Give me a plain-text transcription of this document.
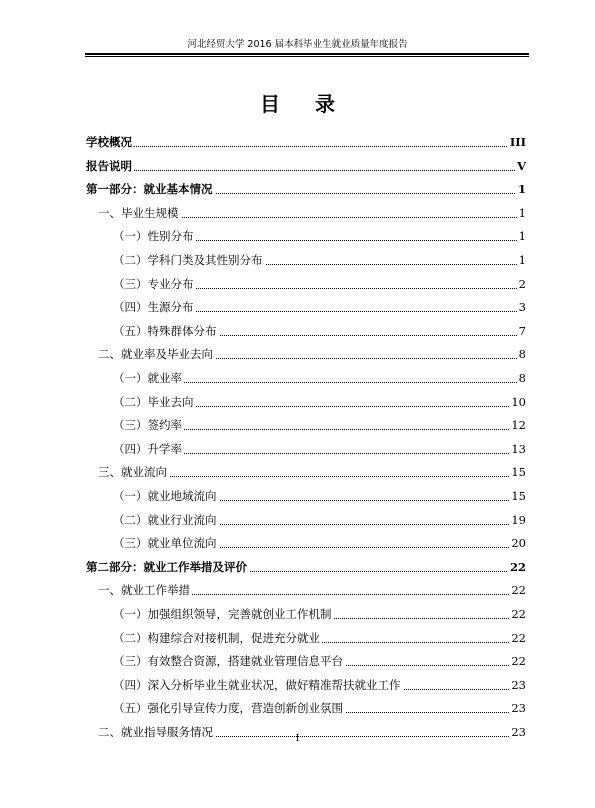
河北经贸大学 2016 届本科毕业生就业质量年度报告
目 录
学校概况	III
报告说明	V
第一部分：就业基本情况	1
一、毕业生规模	1
（一）性别分布	1
（二）学科门类及其性别分布	1
（三）专业分布	2
（四）生源分布	3
（五）特殊群体分布	7
二、就业率及毕业去向	8
（一）就业率	8
（二）毕业去向	10
（三）签约率	12
（四）升学率	13
三、就业流向	15
（一）就业地域流向	15
（二）就业行业流向	19
（三）就业单位流向	20
第二部分：就业工作举措及评价	22
一、就业工作举措	22
（一）加强组织领导，完善就创业工作机制	22
（二）构建综合对接机制，促进充分就业	22
（三）有效整合资源，搭建就业管理信息平台	22
（四）深入分析毕业生就业状况，做好精准帮扶就业工作	23
（五）强化引导宣传力度，营造创新创业氛围	23
二、就业指导服务情况	23
I
